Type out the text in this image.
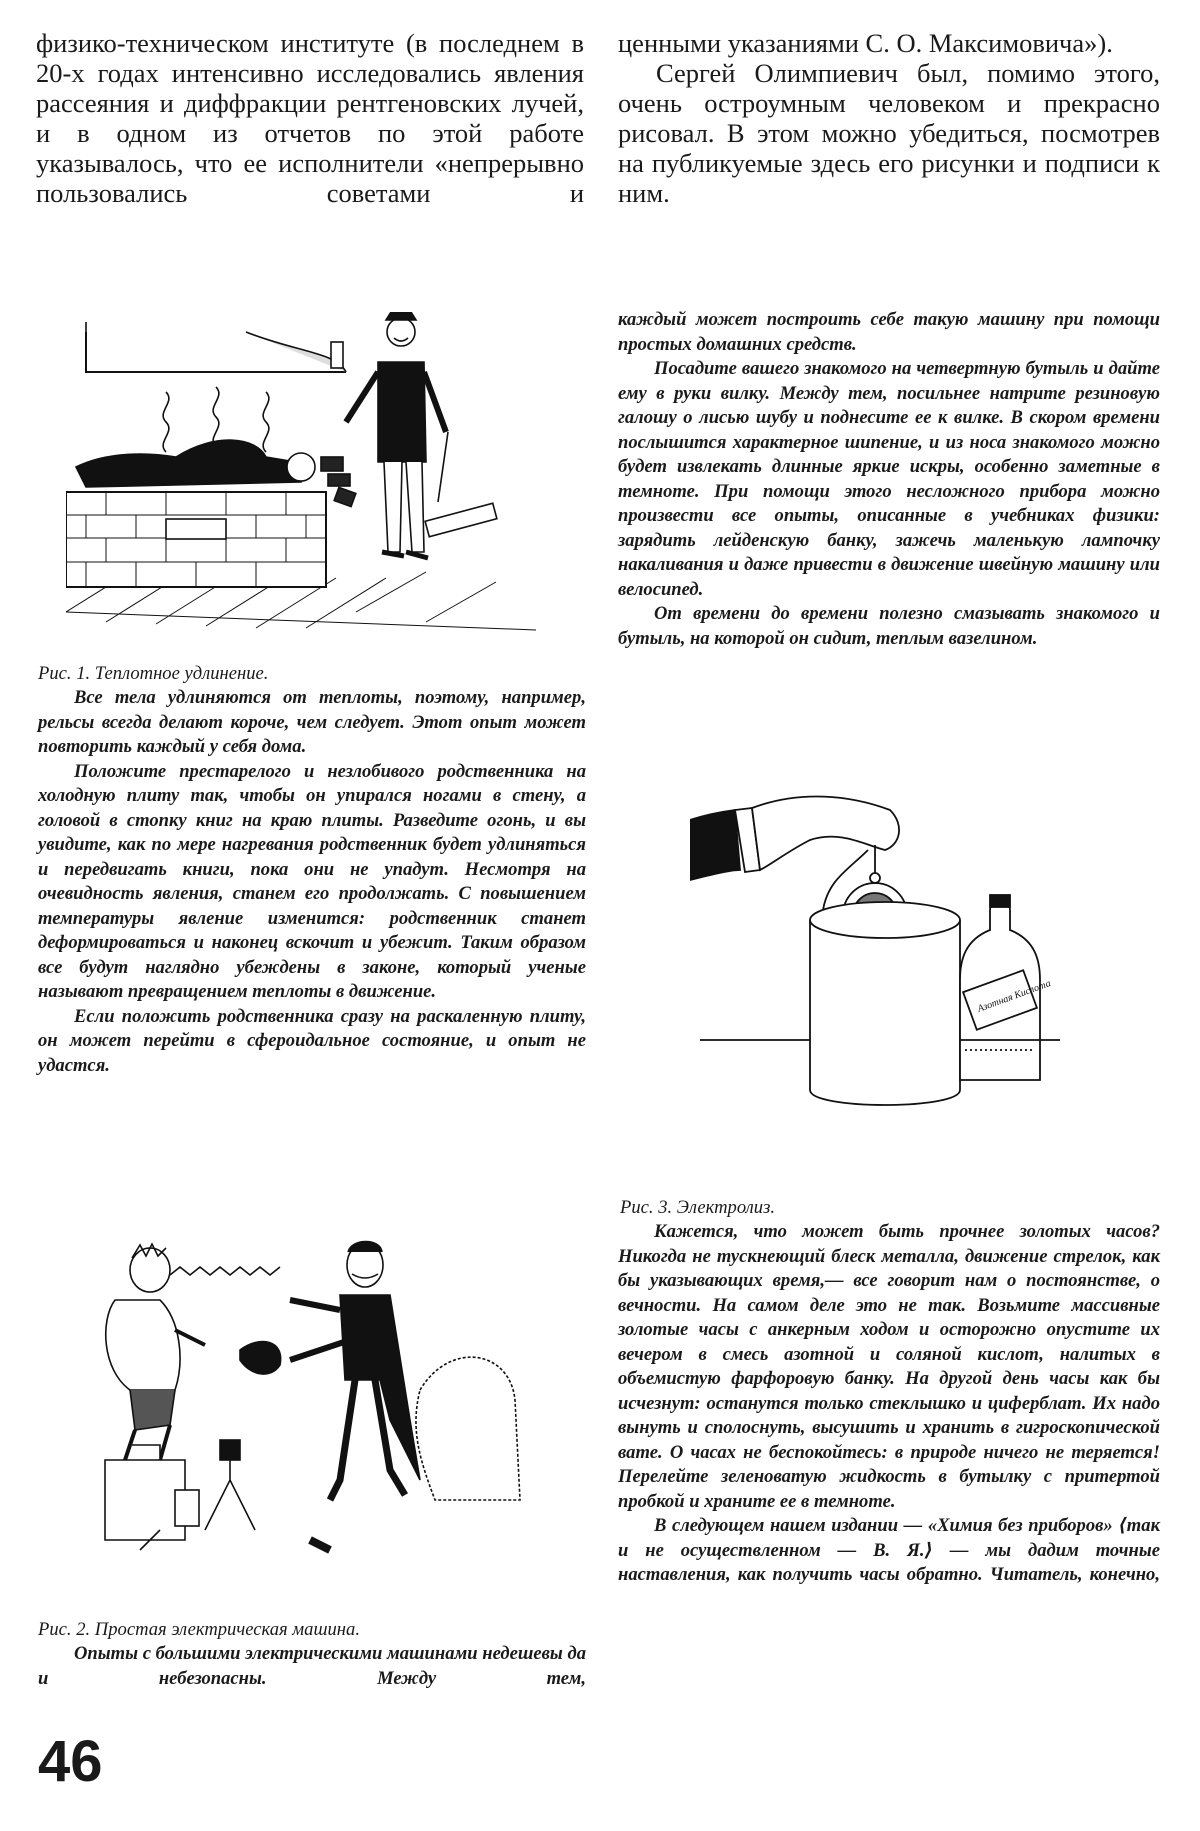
физико-техническом институте (в последнем в 20-х годах интенсивно исследовались явления рассеяния и диффракции рентгеновских лучей, и в одном из отчетов по этой работе указывалось, что ее исполнители «непрерывно пользовались советами и

ценными указаниями С. О. Максимовича»).

Сергей Олимпиевич был, помимо этого, очень остроумным человеком и прекрасно рисовал. В этом можно убедиться, посмотрев на публикуемые здесь его рисунки и подписи к ним.

Рис. 1. Теплотное удлинение.

Все тела удлиняются от теплоты, поэтому, например, рельсы всегда делают короче, чем следует. Этот опыт может повторить каждый у себя дома.

Положите престарелого и незлобивого родственника на холодную плиту так, чтобы он упирался ногами в стену, а головой в стопку книг на краю плиты. Разведите огонь, и вы увидите, как по мере нагревания родственник будет удлиняться и передвигать книги, пока они не упадут. Несмотря на очевидность явления, станем его продолжать. С повышением температуры явление изменится: родственник станет деформироваться и наконец вскочит и убежит. Таким образом все будут наглядно убеждены в законе, который ученые называют превращением теплоты в движение.

Если положить родственника сразу на раскаленную плиту, он может перейти в сфероидальное состояние, и опыт не удастся.

Рис. 2. Простая электрическая машина.

Опыты с большими электрическими машинами недешевы да и небезопасны. Между тем,

каждый может построить себе такую машину при помощи простых домашних средств.

Посадите вашего знакомого на четвертную бутыль и дайте ему в руки вилку. Между тем, посильнее натрите резиновую галошу о лисью шубу и поднесите ее к вилке. В скором времени послышится характерное шипение, и из носа знакомого можно будет извлекать длинные яркие искры, особенно заметные в темноте. При помощи этого несложного прибора можно произвести все опыты, описанные в учебниках физики: зарядить лейденскую банку, зажечь маленькую лампочку накаливания и даже привести в движение швейную машину или велосипед.

От времени до времени полезно смазывать знакомого и бутыль, на которой он сидит, теплым вазелином.

Азотная Кислота
Рис. 3. Электролиз.

Кажется, что может быть прочнее золотых часов? Никогда не тускнеющий блеск металла, движение стрелок, как бы указывающих время,— все говорит нам о постоянстве, о вечности. На самом деле это не так. Возьмите массивные золотые часы с анкерным ходом и осторожно опустите их вечером в смесь азотной и соляной кислот, налитых в объемистую фарфоровую банку. На другой день часы как бы исчезнут: останутся только стеклышко и циферблат. Их надо вынуть и сполоснуть, высушить и хранить в гигроскопической вате. О часах не беспокойтесь: в природе ничего не теряется! Перелейте зеленоватую жидкость в бутылку с притертой пробкой и храните ее в темноте.

В следующем нашем издании — «Химия без приборов» ⟨так и не осуществленном — В. Я.⟩ — мы дадим точные наставления, как получить часы обратно. Читатель, конечно,

46
